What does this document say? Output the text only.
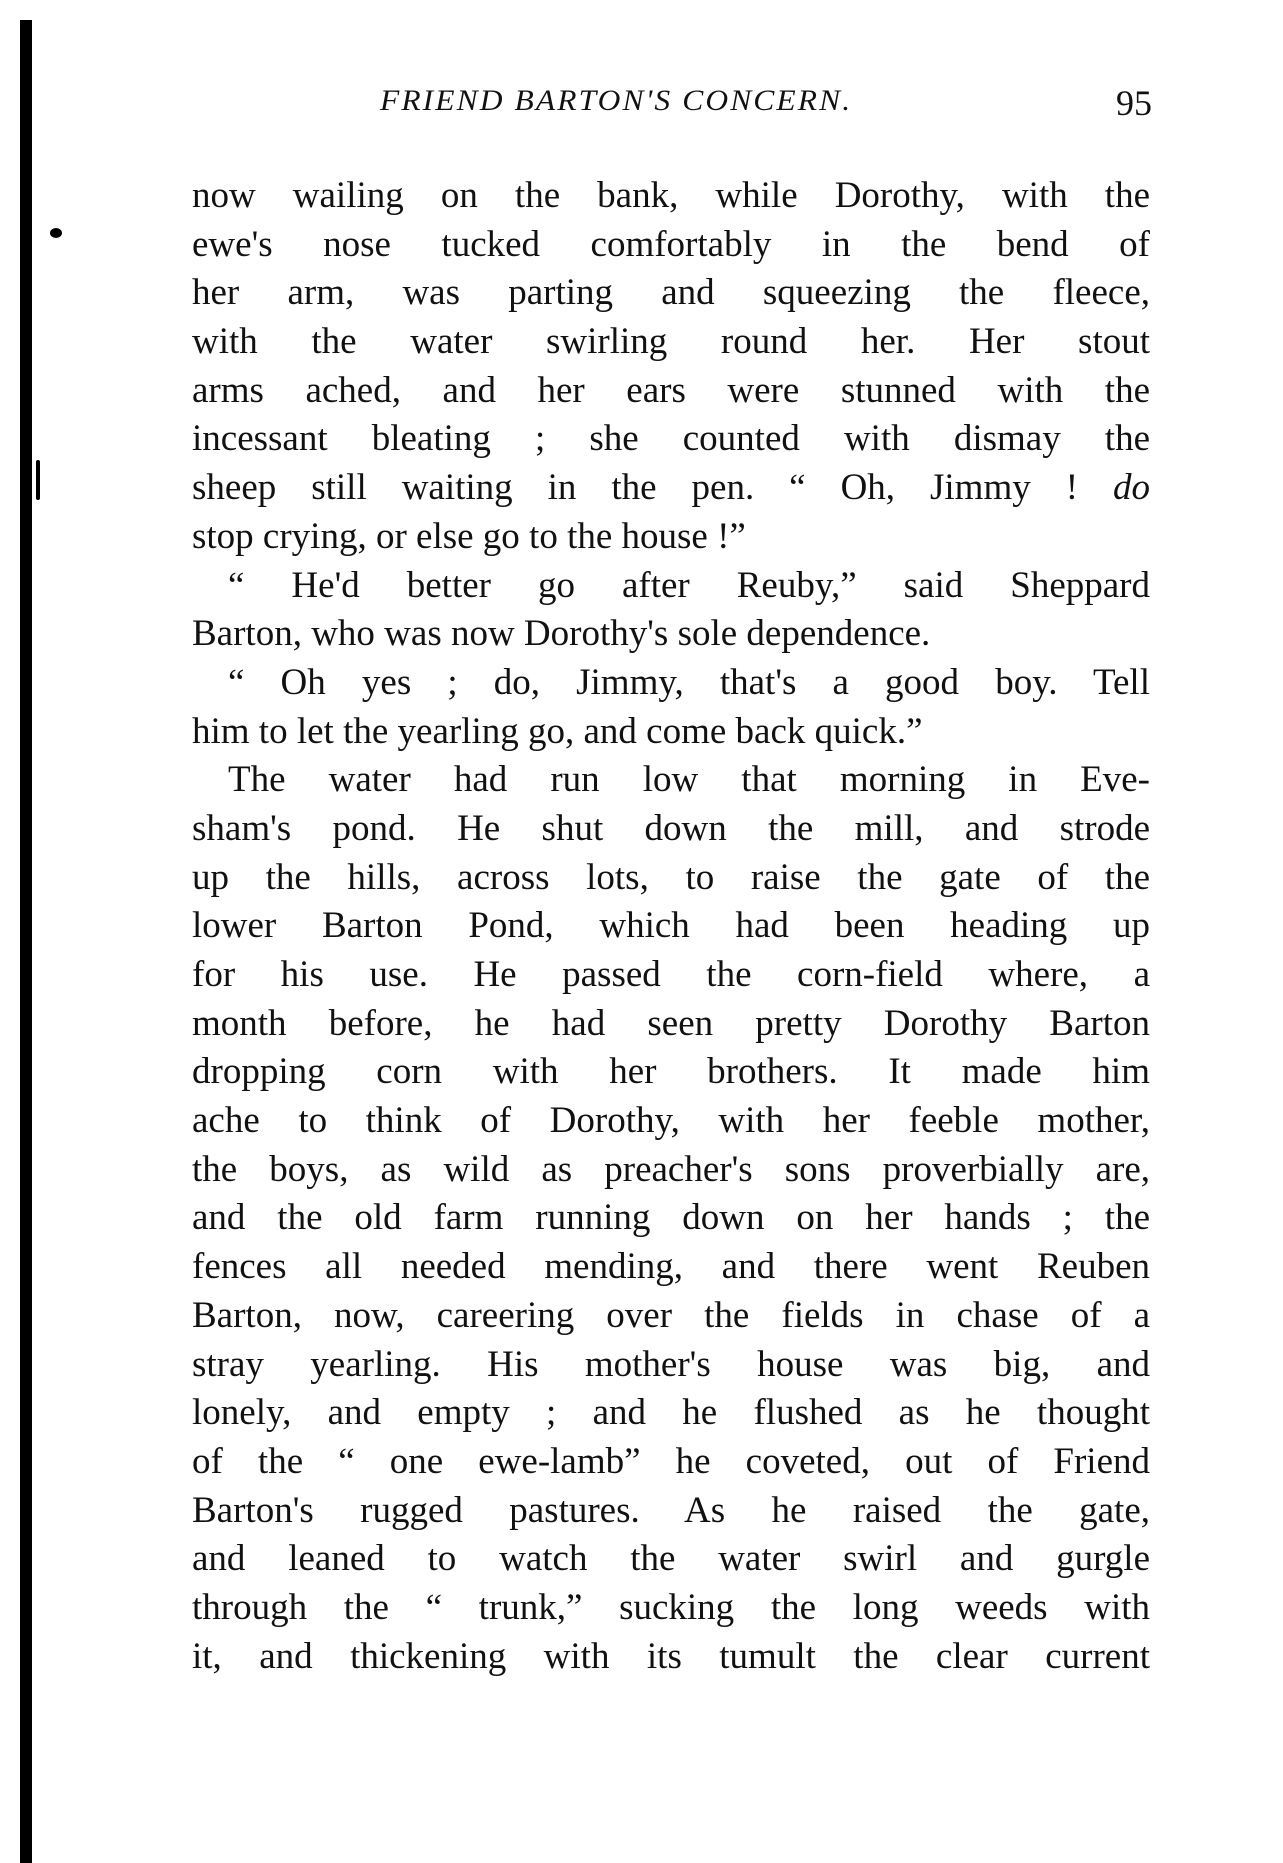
FRIEND BARTON'S CONCERN.	95
now wailing on the bank, while Dorothy, with the
ewe's nose tucked comfortably in the bend of
her arm, was parting and squeezing the fleece,
with the water swirling round her. Her stout
arms ached, and her ears were stunned with the
incessant bleating ; she counted with dismay the
sheep still waiting in the pen. “ Oh, Jimmy ! do
stop crying, or else go to the house !”
“ He'd better go after Reuby,” said Sheppard
Barton, who was now Dorothy's sole dependence.
“ Oh yes ; do, Jimmy, that's a good boy. Tell
him to let the yearling go, and come back quick.”
The water had run low that morning in Eve-
sham's pond. He shut down the mill, and strode
up the hills, across lots, to raise the gate of the
lower Barton Pond, which had been heading up
for his use. He passed the corn-field where, a
month before, he had seen pretty Dorothy Barton
dropping corn with her brothers. It made him
ache to think of Dorothy, with her feeble mother,
the boys, as wild as preacher's sons proverbially are,
and the old farm running down on her hands ; the
fences all needed mending, and there went Reuben
Barton, now, careering over the fields in chase of a
stray yearling. His mother's house was big, and
lonely, and empty ; and he flushed as he thought
of the “ one ewe-lamb” he coveted, out of Friend
Barton's rugged pastures. As he raised the gate,
and leaned to watch the water swirl and gurgle
through the “ trunk,” sucking the long weeds with
it, and thickening with its tumult the clear current
